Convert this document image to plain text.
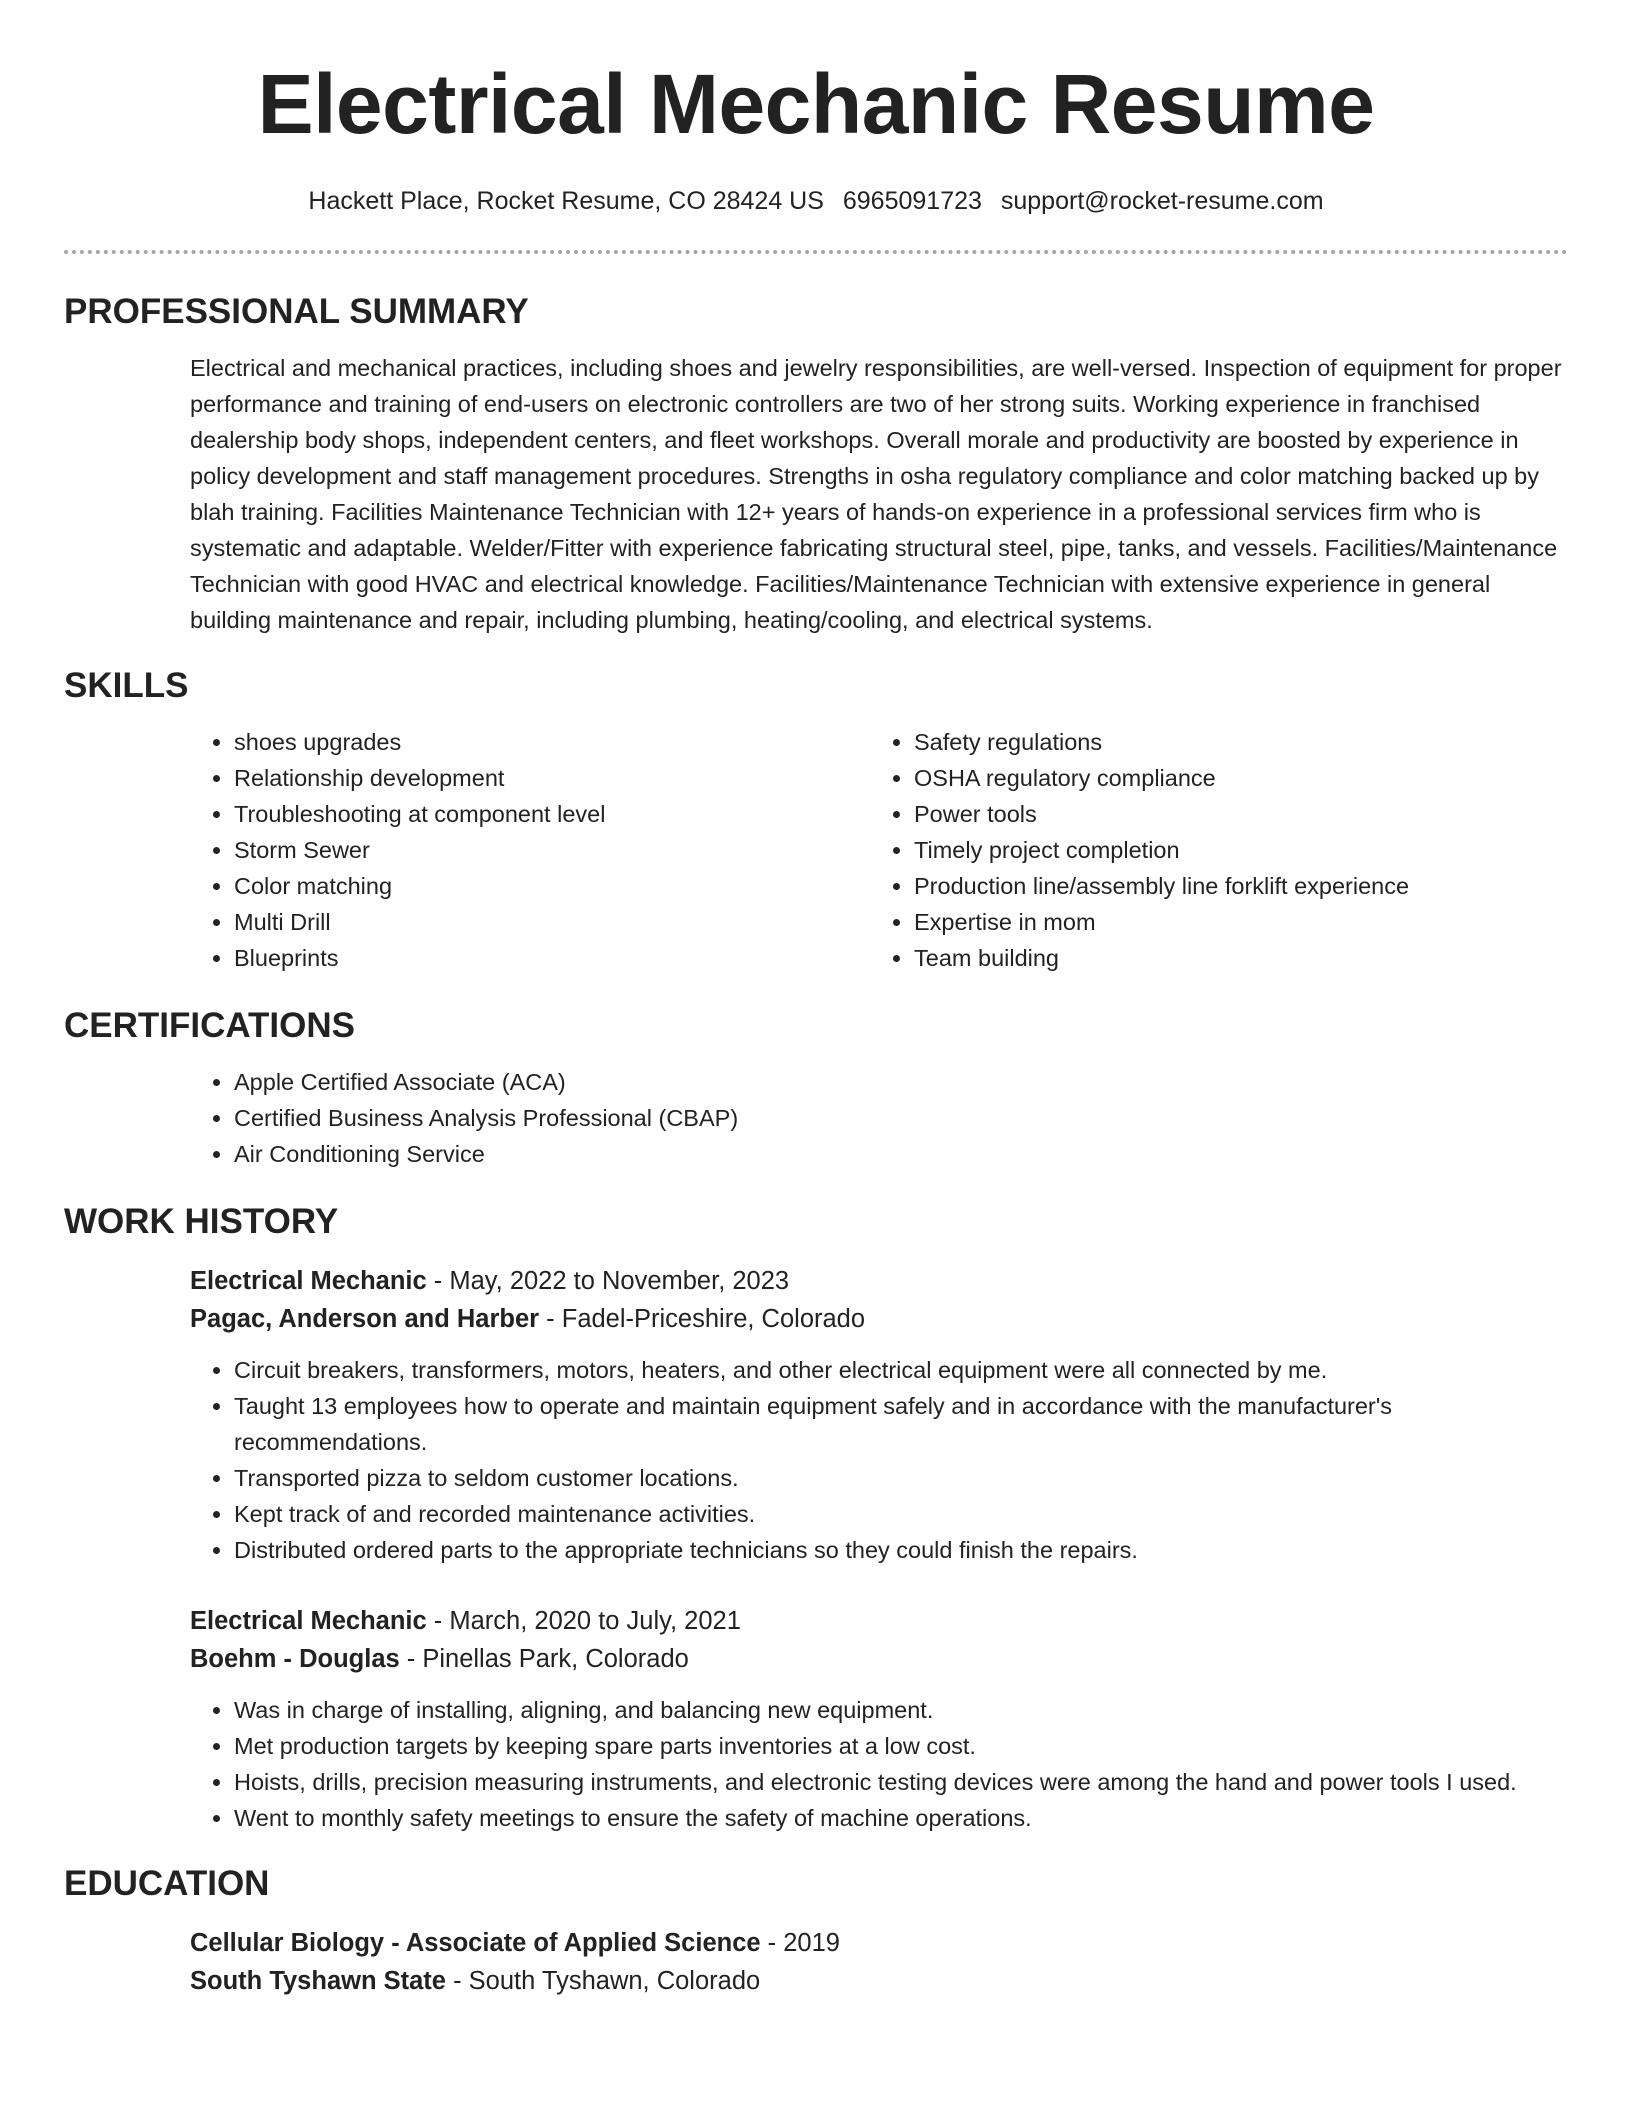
Electrical Mechanic Resume
Hackett Place, Rocket Resume, CO 28424 US 6965091723 support@rocket-resume.com
PROFESSIONAL SUMMARY

Electrical and mechanical practices, including shoes and jewelry responsibilities, are well-versed. Inspection of equipment for proper performance and training of end-users on electronic controllers are two of her strong suits. Working experience in franchised dealership body shops, independent centers, and fleet workshops. Overall morale and productivity are boosted by experience in policy development and staff management procedures. Strengths in osha regulatory compliance and color matching backed up by blah training. Facilities Maintenance Technician with 12+ years of hands-on experience in a professional services firm who is systematic and adaptable. Welder/Fitter with experience fabricating structural steel, pipe, tanks, and vessels. Facilities/Maintenance Technician with good HVAC and electrical knowledge. Facilities/Maintenance Technician with extensive experience in general building maintenance and repair, including plumbing, heating/cooling, and electrical systems.

SKILLS
• shoes upgrades
• Relationship development
• Troubleshooting at component level
• Storm Sewer
• Color matching
• Multi Drill
• Blueprints
• Safety regulations
• OSHA regulatory compliance
• Power tools
• Timely project completion
• Production line/assembly line forklift experience
• Expertise in mom
• Team building
CERTIFICATIONS
• Apple Certified Associate (ACA)
• Certified Business Analysis Professional (CBAP)
• Air Conditioning Service
WORK HISTORY
Electrical Mechanic - May, 2022 to November, 2023
Pagac, Anderson and Harber - Fadel-Priceshire, Colorado
• Circuit breakers, transformers, motors, heaters, and other electrical equipment were all connected by me.
• Taught 13 employees how to operate and maintain equipment safely and in accordance with the manufacturer's recommendations.
• Transported pizza to seldom customer locations.
• Kept track of and recorded maintenance activities.
• Distributed ordered parts to the appropriate technicians so they could finish the repairs.
Electrical Mechanic - March, 2020 to July, 2021
Boehm - Douglas - Pinellas Park, Colorado
• Was in charge of installing, aligning, and balancing new equipment.
• Met production targets by keeping spare parts inventories at a low cost.
• Hoists, drills, precision measuring instruments, and electronic testing devices were among the hand and power tools I used.
• Went to monthly safety meetings to ensure the safety of machine operations.
EDUCATION
Cellular Biology - Associate of Applied Science - 2019
South Tyshawn State - South Tyshawn, Colorado
